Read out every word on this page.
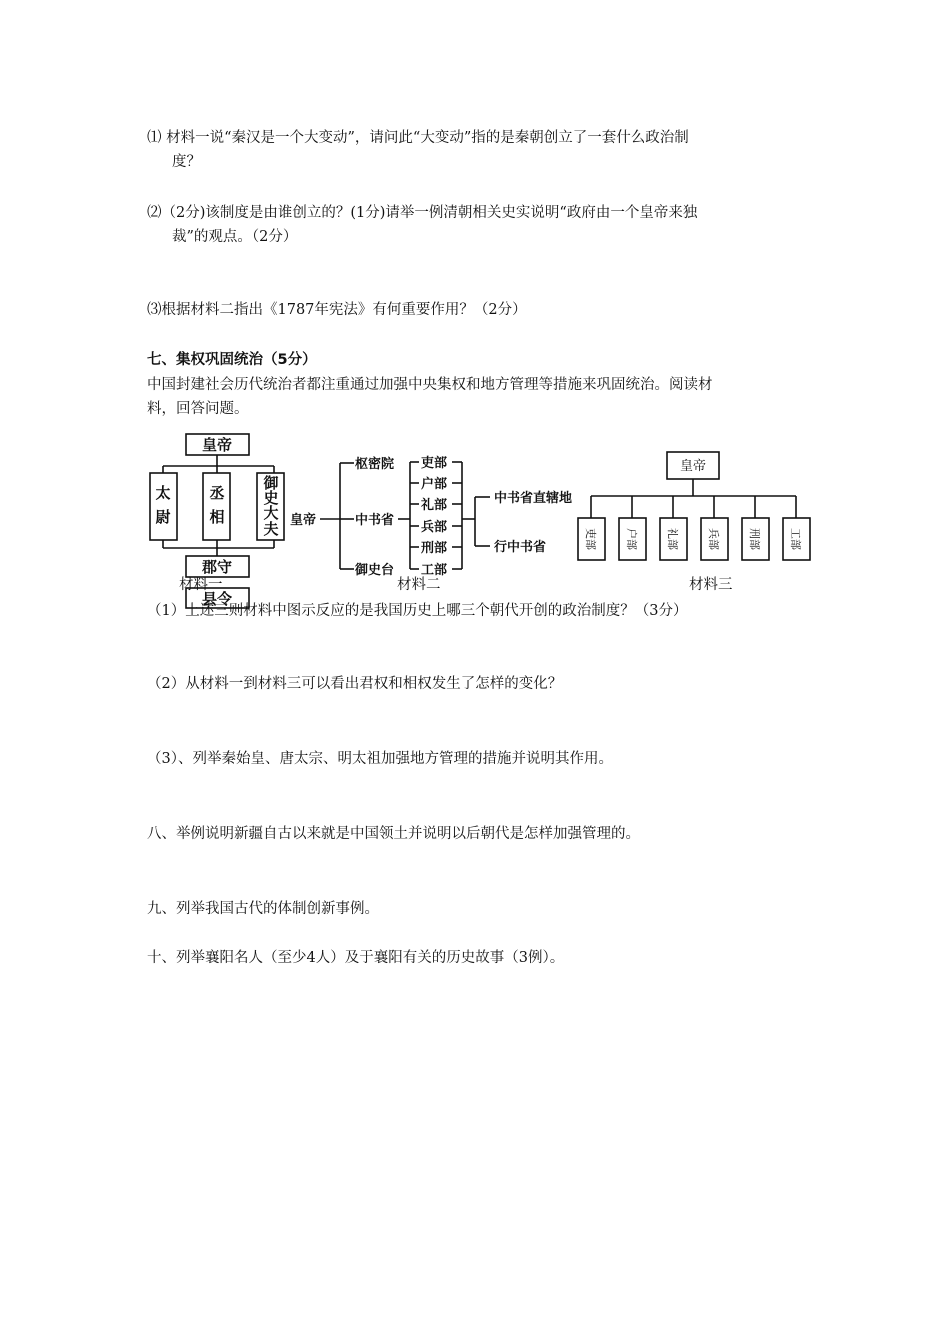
⑴ 材料一说“秦汉是一个大变动”，请问此“大变动”指的是秦朝创立了一套什么政治制
度？
⑵（2分)该制度是由谁创立的？(1分)请举一例清朝相关史实说明“政府由一个皇帝来独
裁”的观点。（2分）
⑶根据材料二指出《1787年宪法》有何重要作用？（2分）
七、集权巩固统治（5分）
中国封建社会历代统治者都注重通过加强中央集权和地方管理等措施来巩固统治。阅读材
料，回答问题。
皇帝
太
尉
丞
相
御
史
大
夫
郡守
县令
皇帝
枢密院
中书省
御史台
吏部
户部
礼部
兵部
刑部
工部
中书省直辖地
行中书省
皇帝
吏部	户部	礼部	兵部	刑部	工部
材料一	材料二	材料三
（1）上述三则材料中图示反应的是我国历史上哪三个朝代开创的政治制度？（3分）
（2）从材料一到材料三可以看出君权和相权发生了怎样的变化？
（3）、列举秦始皇、唐太宗、明太祖加强地方管理的措施并说明其作用。
八、举例说明新疆自古以来就是中国领土并说明以后朝代是怎样加强管理的。
九、列举我国古代的体制创新事例。
十、列举襄阳名人（至少4人）及于襄阳有关的历史故事（3例）。
